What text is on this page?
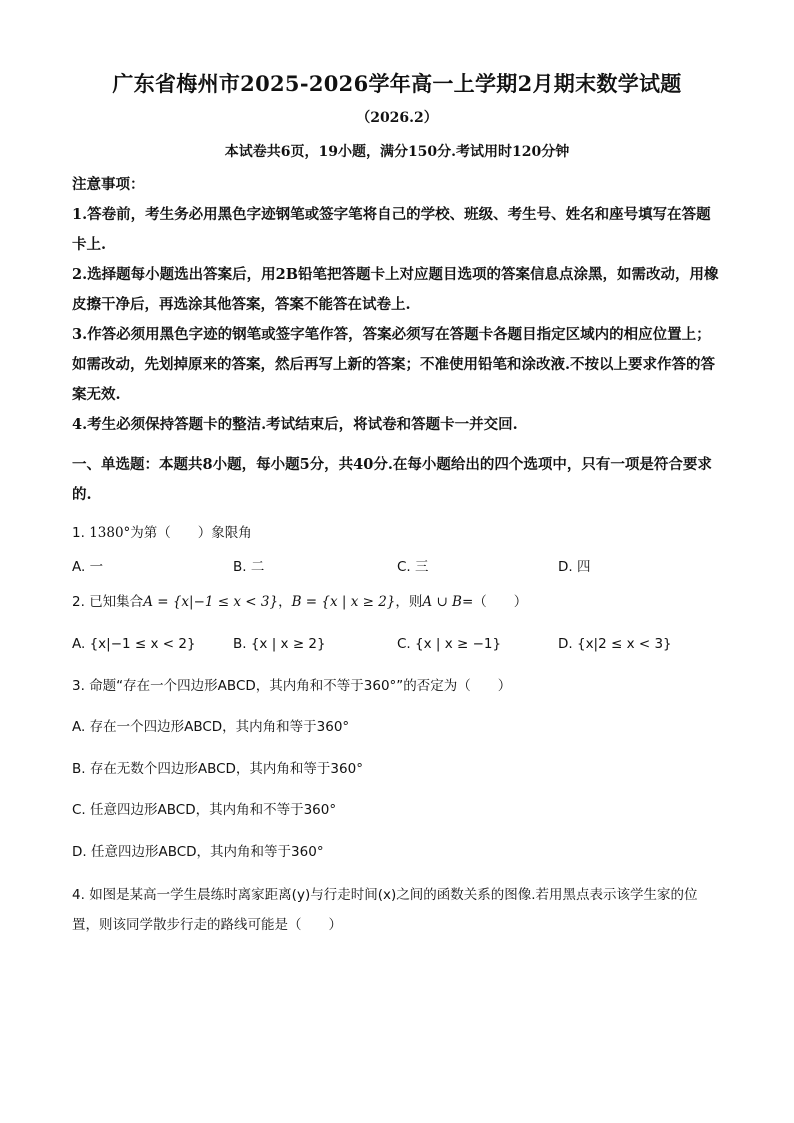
广东省梅州市2025-2026学年高一上学期2月期末数学试题
（2026.2）
本试卷共6页，19小题，满分150分.考试用时120分钟

注意事项：

1.答卷前，考生务必用黑色字迹钢笔或签字笔将自己的学校、班级、考生号、姓名和座号填写在答题卡上.

2.选择题每小题选出答案后，用2B铅笔把答题卡上对应题目选项的答案信息点涂黑，如需改动，用橡皮擦干净后，再选涂其他答案，答案不能答在试卷上.

3.作答必须用黑色字迹的钢笔或签字笔作答，答案必须写在答题卡各题目指定区域内的相应位置上；如需改动，先划掉原来的答案，然后再写上新的答案；不准使用铅笔和涂改液.不按以上要求作答的答案无效.

4.考生必须保持答题卡的整洁.考试结束后，将试卷和答题卡一并交回.

一、单选题：本题共8小题，每小题5分，共40分.在每小题给出的四个选项中，只有一项是符合要求的.
1. 1380°为第（　　）象限角
A. 一	B. 二	C. 三	D. 四
2. 已知集合A = {x|−1 ≤ x < 3}，B = {x | x ≥ 2}，则A ∪ B=（　　）
A. {x|−1 ≤ x < 2}	B. {x | x ≥ 2}	C. {x | x ≥ −1}	D. {x|2 ≤ x < 3}
3. 命题“存在一个四边形ABCD，其内角和不等于360°”的否定为（　　）
A. 存在一个四边形ABCD，其内角和等于360°
B. 存在无数个四边形ABCD，其内角和等于360°
C. 任意四边形ABCD，其内角和不等于360°
D. 任意四边形ABCD，其内角和等于360°
4. 如图是某高一学生晨练时离家距离(y)与行走时间(x)之间的函数关系的图像.若用黑点表示该学生家的位置，则该同学散步行走的路线可能是（　　）
